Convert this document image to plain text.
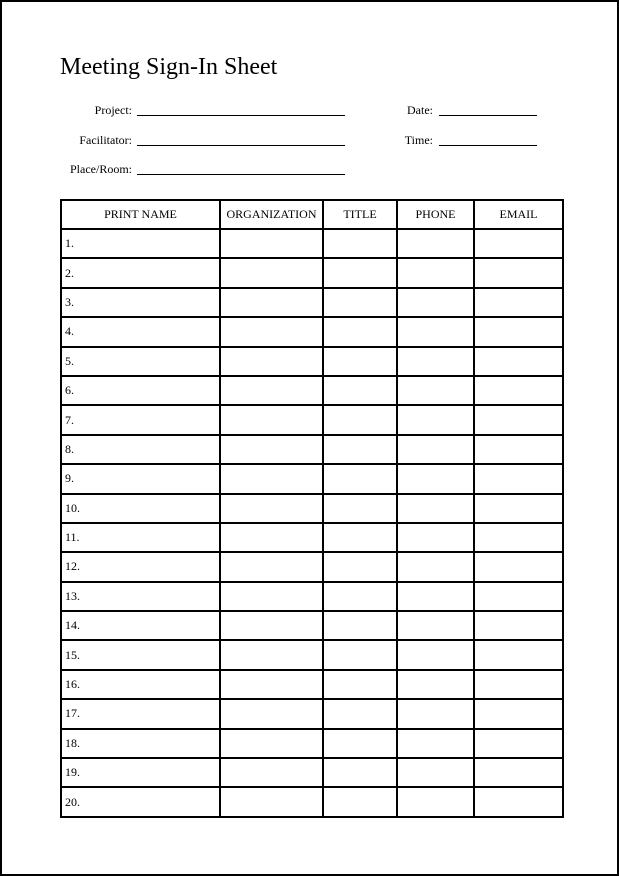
Meeting Sign-In Sheet
Project:
Facilitator:
Place/Room:
Date:
Time:
PRINT NAME	ORGANIZATION	TITLE	PHONE	EMAIL
1.				
2.				
3.				
4.				
5.				
6.				
7.				
8.				
9.				
10.				
11.				
12.				
13.				
14.				
15.				
16.				
17.				
18.				
19.				
20.				
